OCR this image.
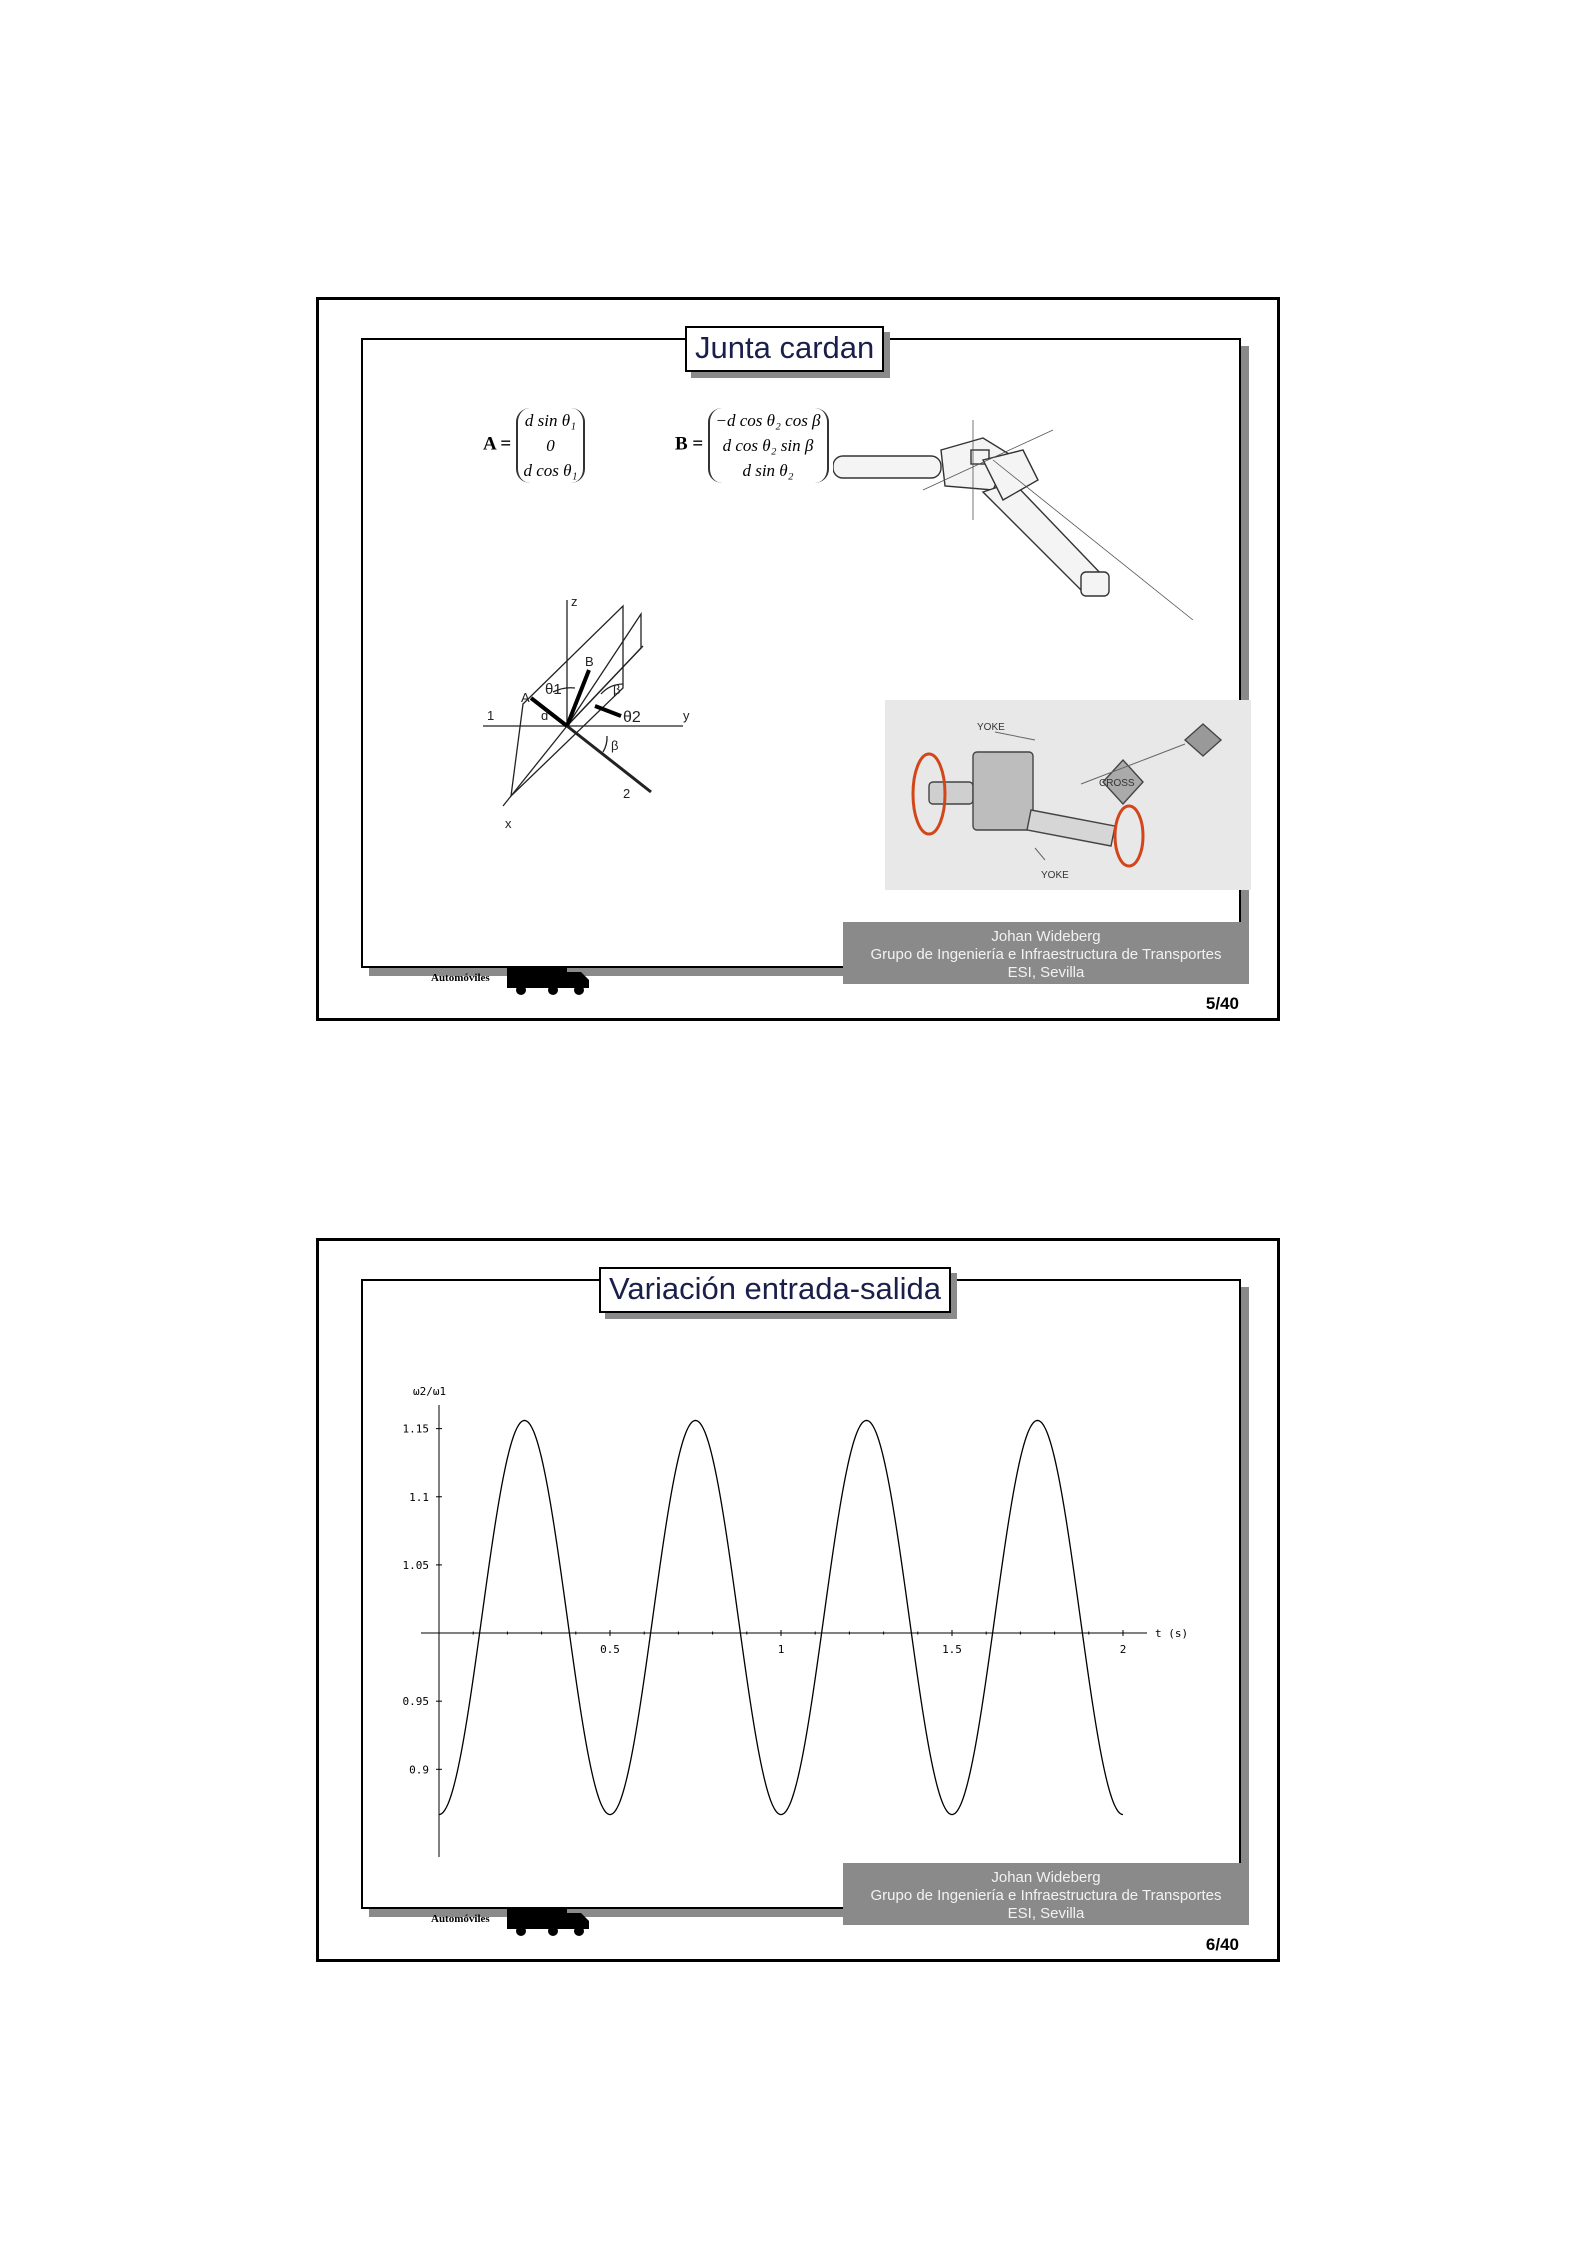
Junta cardan
A = d sin θ₁
0
d cos θ₁
B = −d cos θ₂ cos β
d cos θ₂ sin β
d sin θ₂
z
y
x
1
2
A
B
d
θ1
θ2
β
β
YOKE
CROSS
YOKE
Johan Wideberg
Grupo de Ingeniería e Infraestructura de Transportes
ESI, Sevilla
Automóviles
5/40
Variación entrada-salida
0.5	1	1.5	2
1.15
1.1
1.05
0.95
0.9
ω2/ω1
t (s)
Johan Wideberg
Grupo de Ingeniería e Infraestructura de Transportes
ESI, Sevilla
Automóviles
6/40
